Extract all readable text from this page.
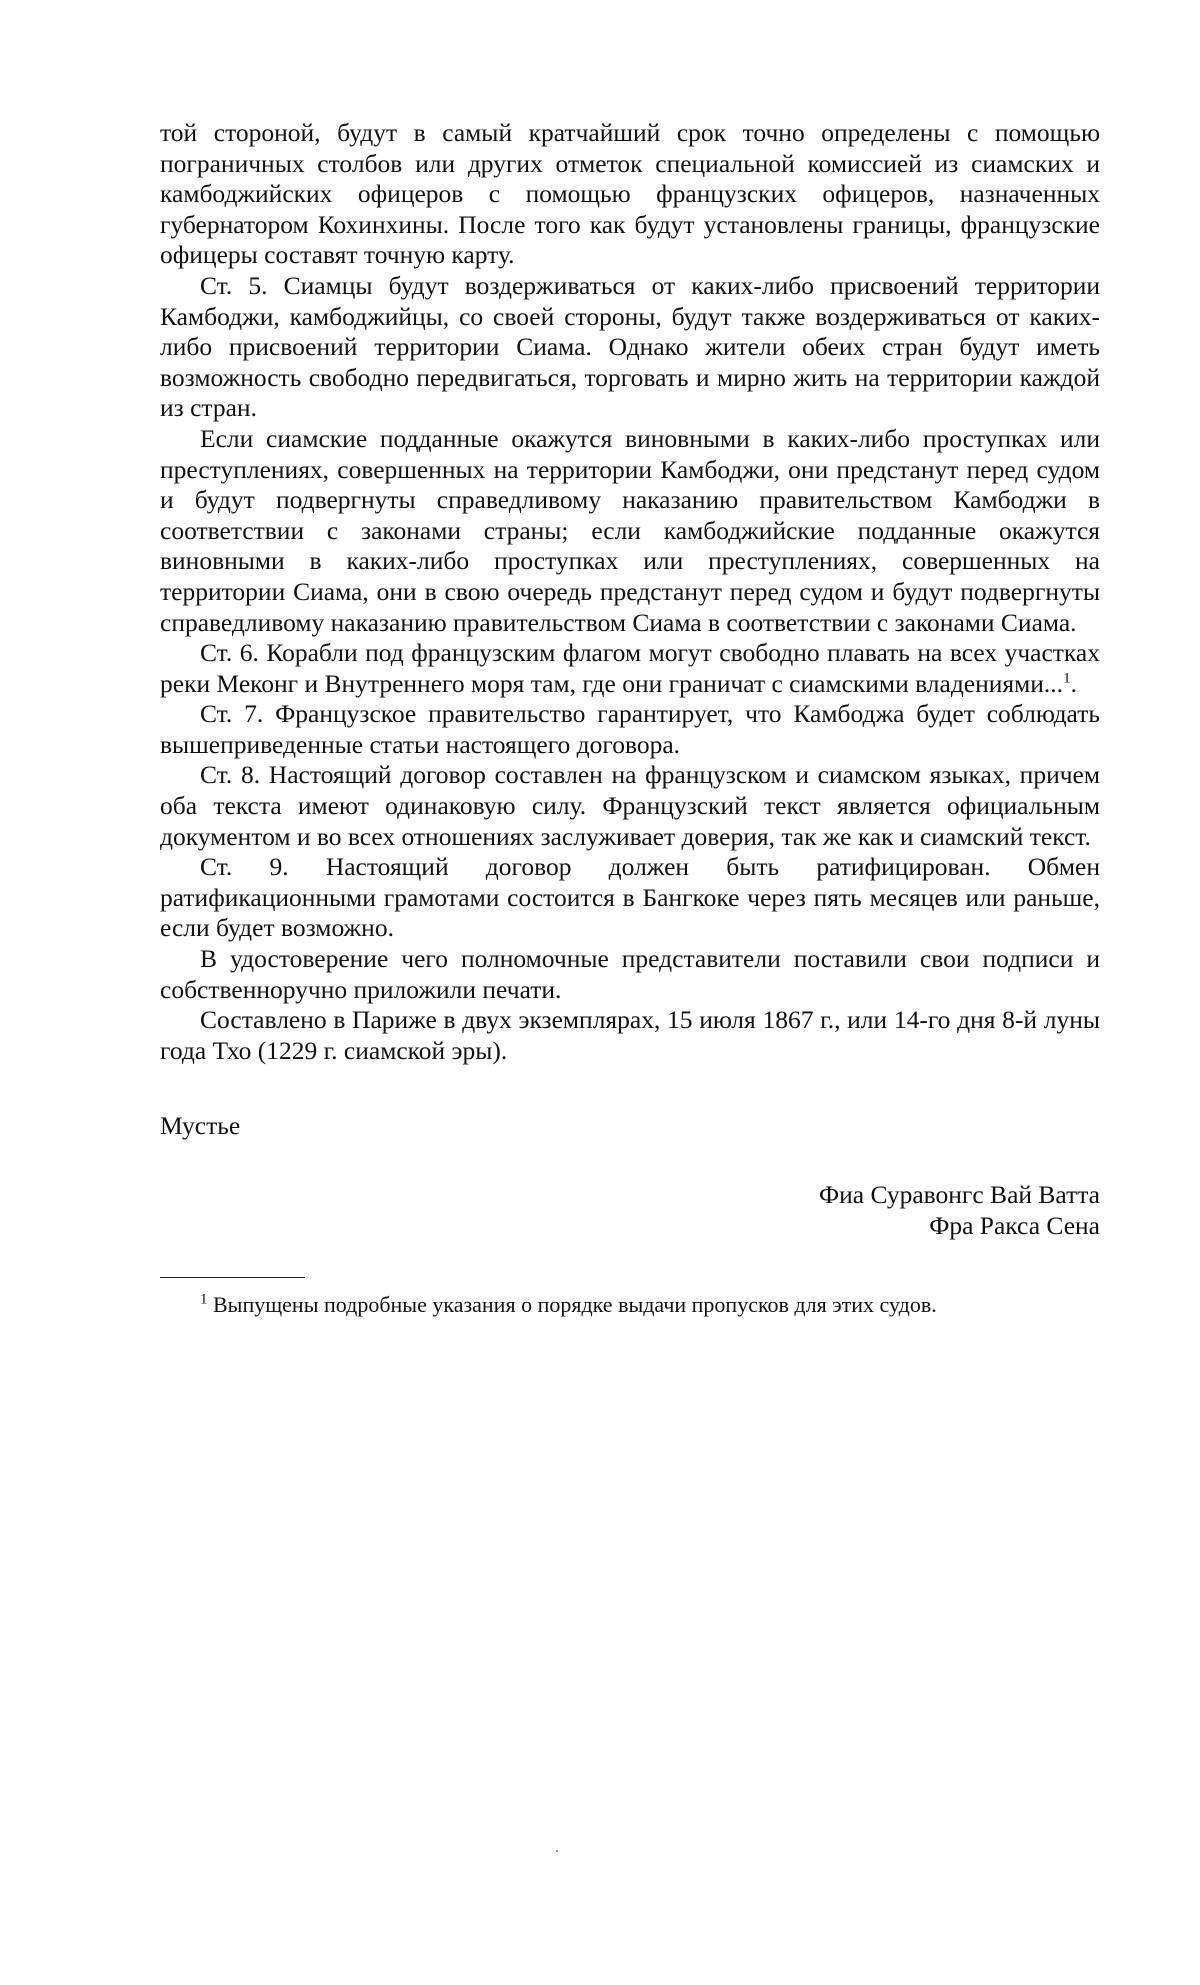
той стороной, будут в самый кратчайший срок точно определены с помощью пограничных столбов или других отметок специальной комиссией из сиамских и камбоджийских офицеров с помощью французских офицеров, назначенных губернатором Кохинхины. После того как будут установлены границы, французские офицеры составят точную карту.

Ст. 5. Сиамцы будут воздерживаться от каких-либо присвоений территории Камбоджи, камбоджийцы, со своей стороны, будут также воздерживаться от каких-либо присвоений территории Сиама. Однако жители обеих стран будут иметь возможность свободно передвигаться, торговать и мирно жить на территории каждой из стран.

Если сиамские подданные окажутся виновными в каких-либо проступках или преступлениях, совершенных на территории Камбоджи, они предстанут перед судом и будут подвергнуты справедливому наказанию правительством Камбоджи в соответствии с законами страны; если камбоджийские подданные окажутся виновными в каких-либо проступках или преступлениях, совершенных на территории Сиама, они в свою очередь предстанут перед судом и будут подвергнуты справедливому наказанию правительством Сиама в соответствии с законами Сиама.

Ст. 6. Корабли под французским флагом могут свободно плавать на всех участках реки Меконг и Внутреннего моря там, где они граничат с сиамскими владениями...$^1$.

Ст. 7. Французское правительство гарантирует, что Камбоджа будет соблюдать вышеприведенные статьи настоящего договора.

Ст. 8. Настоящий договор составлен на французском и сиамском языках, причем оба текста имеют одинаковую силу. Французский текст является официальным документом и во всех отношениях заслуживает доверия, так же как и сиамский текст.

Ст. 9. Настоящий договор должен быть ратифицирован. Обмен ратификационными грамотами состоится в Бангкоке через пять месяцев или раньше, если будет возможно.

В удостоверение чего полномочные представители поставили свои подписи и собственноручно приложили печати.

Составлено в Париже в двух экземплярах, 15 июля 1867 г., или 14-го дня 8-й луны года Тхо (1229 г. сиамской эры).

Мустье
Фиа Суравонгс Вай Ватта
Фра Ракса Сена

$^1$ Выпущены подробные указания о порядке выдачи пропусков для этих судов.
